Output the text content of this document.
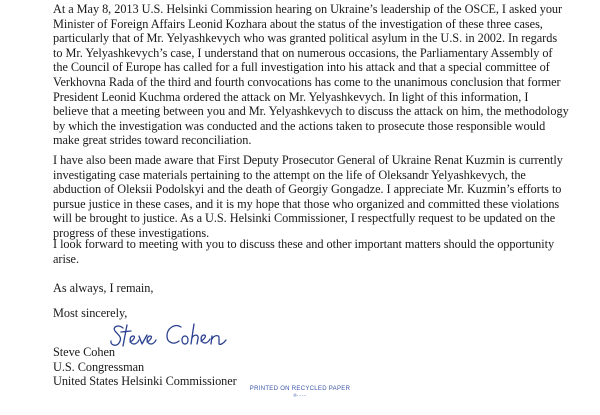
At a May 8, 2013 U.S. Helsinki Commission hearing on Ukraine’s leadership of the OSCE, I asked your
Minister of Foreign Affairs Leonid Kozhara about the status of the investigation of these three cases,
particularly that of Mr. Yelyashkevych who was granted political asylum in the U.S. in 2002. In regards
to Mr. Yelyashkevych’s case, I understand that on numerous occasions, the Parliamentary Assembly of
the Council of Europe has called for a full investigation into his attack and that a special committee of
Verkhovna Rada of the third and fourth convocations has come to the unanimous conclusion that former
President Leonid Kuchma ordered the attack on Mr. Yelyashkevych. In light of this information, I
believe that a meeting between you and Mr. Yelyashkevych to discuss the attack on him, the methodology
by which the investigation was conducted and the actions taken to prosecute those responsible would
make great strides toward reconciliation.

I have also been made aware that First Deputy Prosecutor General of Ukraine Renat Kuzmin is currently
investigating case materials pertaining to the attempt on the life of Oleksandr Yelyashkevych, the
abduction of Oleksii Podolskyi and the death of Georgiy Gongadze. I appreciate Mr. Kuzmin’s efforts to
pursue justice in these cases, and it is my hope that those who organized and committed these violations
will be brought to justice. As a U.S. Helsinki Commissioner, I respectfully request to be updated on the
progress of these investigations.

I look forward to meeting with you to discuss these and other important matters should the opportunity
arise.

As always, I remain,

Most sincerely,

Steve Cohen
U.S. Congressman
United States Helsinki Commissioner
PRINTED ON RECYCLED PAPER
®⋅⋅⋅⋅⋅⋅
